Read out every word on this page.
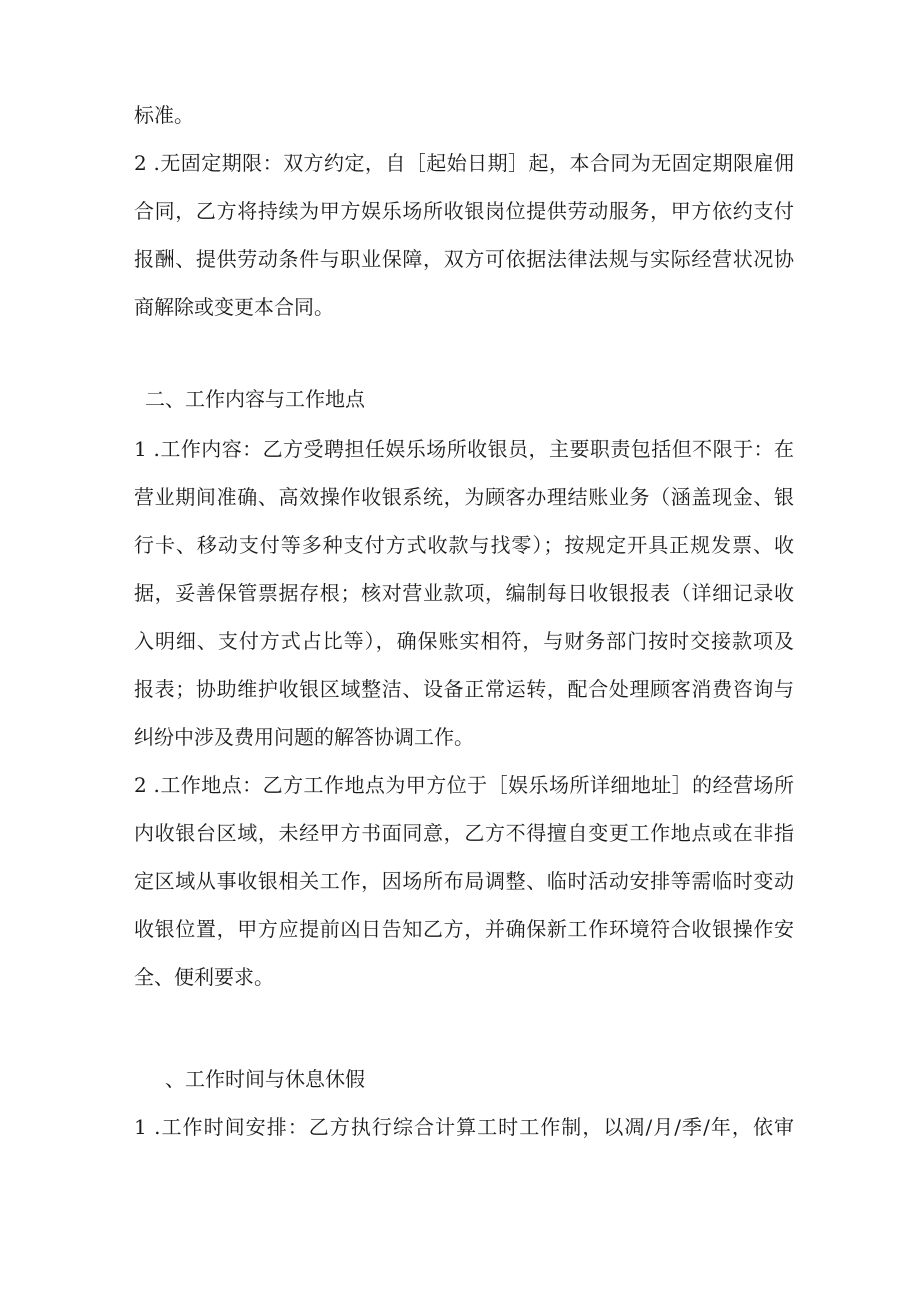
标准。
2 .无固定期限：双方约定，自［起始日期］起，本合同为无固定期限雇佣
合同，乙方将持续为甲方娱乐场所收银岗位提供劳动服务，甲方依约支付
报酬、提供劳动条件与职业保障，双方可依据法律法规与实际经营状况协
商解除或变更本合同。
二、工作内容与工作地点
1 .工作内容：乙方受聘担任娱乐场所收银员，主要职责包括但不限于：在
营业期间准确、高效操作收银系统，为顾客办理结账业务（涵盖现金、银
行卡、移动支付等多种支付方式收款与找零）；按规定开具正规发票、收
据，妥善保管票据存根；核对营业款项，编制每日收银报表（详细记录收
入明细、支付方式占比等），确保账实相符，与财务部门按时交接款项及
报表；协助维护收银区域整洁、设备正常运转，配合处理顾客消费咨询与
纠纷中涉及费用问题的解答协调工作。
2 .工作地点：乙方工作地点为甲方位于［娱乐场所详细地址］的经营场所
内收银台区域，未经甲方书面同意，乙方不得擅自变更工作地点或在非指
定区域从事收银相关工作，因场所布局调整、临时活动安排等需临时变动
收银位置，甲方应提前凶日告知乙方，并确保新工作环境符合收银操作安
全、便利要求。
、工作时间与休息休假
1 .工作时间安排：乙方执行综合计算工时工作制，以凋/月/季/年，依审
